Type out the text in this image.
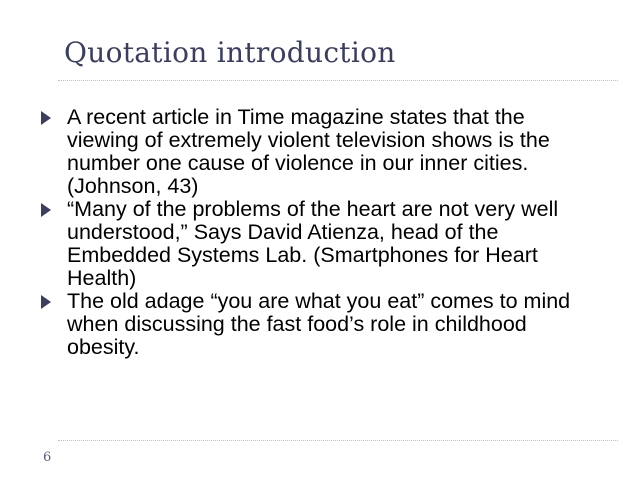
Quotation introduction
A recent article in Time magazine states that the viewing of extremely violent television shows is the number one cause of violence in our inner cities. (Johnson, 43)
“Many of the problems of the heart are not very well understood,” Says David Atienza, head of the Embedded Systems Lab. (Smartphones for Heart Health)
The old adage “you are what you eat” comes to mind when discussing the fast food’s role in childhood obesity.
6
